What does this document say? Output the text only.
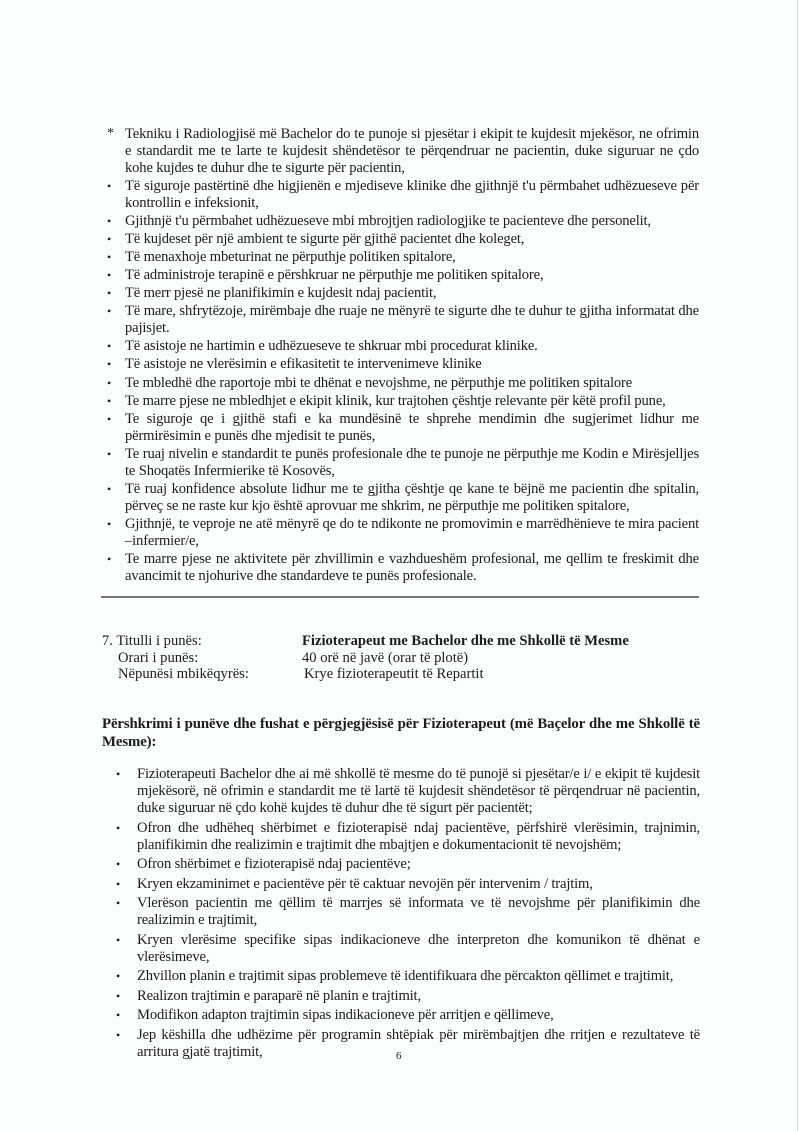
* Tekniku i Radiologjisë më Bachelor do te punoje si pjesëtar i ekipit te kujdesit mjekësor, ne ofrimin e standardit me te larte te kujdesit shëndetësor te përqendruar ne pacientin, duke siguruar ne çdo kohe kujdes te duhur dhe te sigurte për pacientin,
• Të siguroje pastërtinë dhe higjienën e mjediseve klinike dhe gjithnjë t'u përmbahet udhëzueseve për kontrollin e infeksionit,
• Gjithnjë t'u përmbahet udhëzueseve mbi mbrojtjen radiologjike te pacienteve dhe personelit,
• Të kujdeset për një ambient te sigurte për gjithë pacientet dhe koleget,
• Të menaxhoje mbeturinat ne përputhje politiken spitalore,
• Të administroje terapinë e përshkruar ne përputhje me politiken spitalore,
• Të merr pjesë ne planifikimin e kujdesit ndaj pacientit,
• Të mare, shfrytëzoje, mirëmbaje dhe ruaje ne mënyrë te sigurte dhe te duhur te gjitha informatat dhe pajisjet.
• Të asistoje ne hartimin e udhëzueseve te shkruar mbi procedurat klinike.
• Të asistoje ne vlerësimin e efikasitetit te intervenimeve klinike
• Te mbledhë dhe raportoje mbi te dhënat e nevojshme, ne përputhje me politiken spitalore
• Te marre pjese ne mbledhjet e ekipit klinik, kur trajtohen çështje relevante për këtë profil pune,
• Te siguroje qe i gjithë stafi e ka mundësinë te shprehe mendimin dhe sugjerimet lidhur me përmirësimin e punës dhe mjedisit te punës,
• Te ruaj nivelin e standardit te punës profesionale dhe te punoje ne përputhje me Kodin e Mirësjelljes te Shoqatës Infermierike të Kosovës,
• Të ruaj konfidence absolute lidhur me te gjitha çështje qe kane te bëjnë me pacientin dhe spitalin, përveç se ne raste kur kjo është aprovuar me shkrim, ne përputhje me politiken spitalore,
• Gjithnjë, te veproje ne atë mënyrë qe do te ndikonte ne promovimin e marrëdhënieve te mira pacient –infermier/e,
• Te marre pjese ne aktivitete për zhvillimin e vazhdueshëm profesional, me qellim te freskimit dhe avancimit te njohurive dhe standardeve te punës profesionale.
7. Titulli i punës:	Fizioterapeut me Bachelor dhe me Shkollë të Mesme
Orari i punës:	40 orë në javë (orar të plotë)
Nëpunësi mbikëqyrës:	Krye fizioterapeutit të Repartit
Përshkrimi i punëve dhe fushat e përgjegjësisë për Fizioterapeut (më Baçelor dhe me Shkollë të Mesme):
• Fizioterapeuti Bachelor dhe ai më shkollë të mesme do të punojë si pjesëtar/e i/ e ekipit të kujdesit mjekësorë, në ofrimin e standardit me të lartë të kujdesit shëndetësor të përqendruar në pacientin, duke siguruar në çdo kohë kujdes të duhur dhe të sigurt për pacientët;
• Ofron dhe udhëheq shërbimet e fizioterapisë ndaj pacientëve, përfshirë vlerësimin, trajnimin, planifikimin dhe realizimin e trajtimit dhe mbajtjen e dokumentacionit të nevojshëm;
• Ofron shërbimet e fizioterapisë ndaj pacientëve;
• Kryen ekzaminimet e pacientëve për të caktuar nevojën për intervenim / trajtim,
• Vlerëson pacientin me qëllim të marrjes së informata ve të nevojshme për planifikimin dhe realizimin e trajtimit,
• Kryen vlerësime specifike sipas indikacioneve dhe interpreton dhe komunikon të dhënat e vlerësimeve,
• Zhvillon planin e trajtimit sipas problemeve të identifikuara dhe përcakton qëllimet e trajtimit,
• Realizon trajtimin e paraparë në planin e trajtimit,
• Modifikon adapton trajtimin sipas indikacioneve për arritjen e qëllimeve,
• Jep këshilla dhe udhëzime për programin shtëpiak për mirëmbajtjen dhe rritjen e rezultateve të arritura gjatë trajtimit,	6
